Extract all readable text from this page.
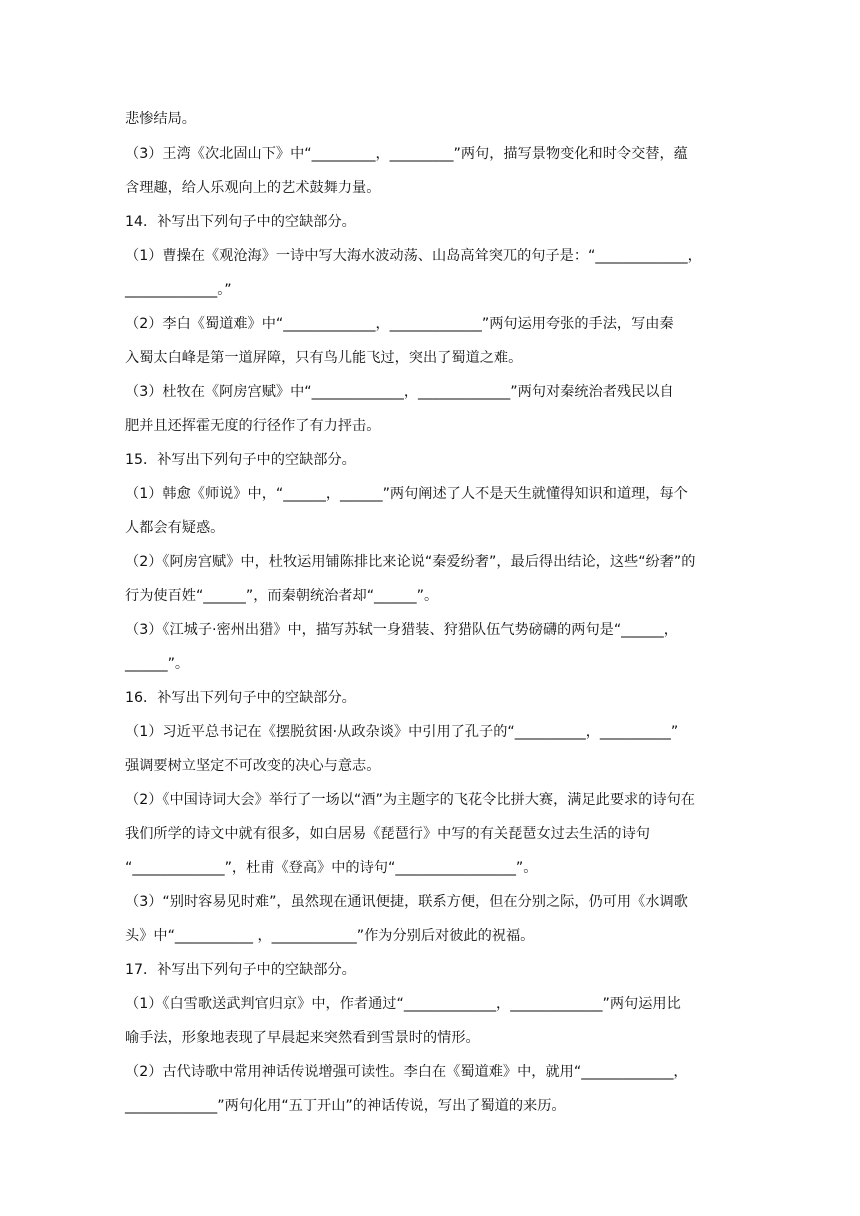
悲惨结局。
（3）王湾《次北固山下》中“_________，_________”两句，描写景物变化和时令交替，蕴
含理趣，给人乐观向上的艺术鼓舞力量。
14．补写出下列句子中的空缺部分。
（1）曹操在《观沧海》一诗中写大海水波动荡、山岛高耸突兀的句子是：“_____________，
_____________。”
（2）李白《蜀道难》中“_____________，_____________”两句运用夸张的手法，写由秦
入蜀太白峰是第一道屏障，只有鸟儿能飞过，突出了蜀道之难。
（3）杜牧在《阿房宫赋》中“_____________，_____________”两句对秦统治者残民以自
肥并且还挥霍无度的行径作了有力抨击。
15．补写出下列句子中的空缺部分。
（1）韩愈《师说》中，“______，______”两句阐述了人不是天生就懂得知识和道理，每个
人都会有疑惑。
（2）《阿房宫赋》中，杜牧运用铺陈排比来论说“秦爱纷奢”，最后得出结论，这些“纷奢”的
行为使百姓“______”，而秦朝统治者却“______”。
（3）《江城子·密州出猎》中，描写苏轼一身猎装、狩猎队伍气势磅礴的两句是“______，
______”。
16．补写出下列句子中的空缺部分。
（1）习近平总书记在《摆脱贫困·从政杂谈》中引用了孔子的“__________，__________”
强调要树立坚定不可改变的决心与意志。
（2）《中国诗词大会》举行了一场以“酒”为主题字的飞花令比拼大赛，满足此要求的诗句在
我们所学的诗文中就有很多，如白居易《琵琶行》中写的有关琵琶女过去生活的诗句
“_____________”，杜甫《登高》中的诗句“_________________”。
（3）“别时容易见时难”，虽然现在通讯便捷，联系方便，但在分别之际，仍可用《水调歌
头》中“___________ ，____________”作为分别后对彼此的祝福。
17．补写出下列句子中的空缺部分。
（1）《白雪歌送武判官归京》中，作者通过“_____________，_____________”两句运用比
喻手法，形象地表现了早晨起来突然看到雪景时的情形。
（2）古代诗歌中常用神话传说增强可读性。李白在《蜀道难》中，就用“_____________，
_____________”两句化用“五丁开山”的神话传说，写出了蜀道的来历。
